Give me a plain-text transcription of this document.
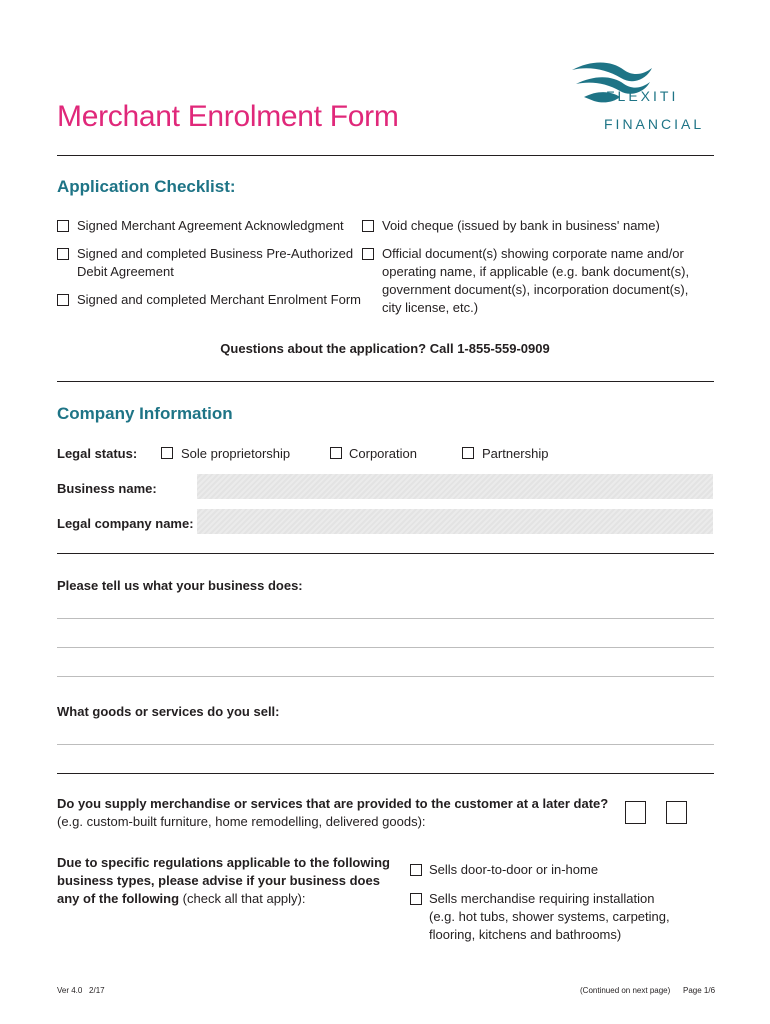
Merchant Enrolment Form
FLEXITI
FINANCIAL
Application Checklist:
Signed Merchant Agreement Acknowledgment
Signed and completed Business Pre-Authorized
Debit Agreement
Signed and completed Merchant Enrolment Form
Void cheque (issued by bank in business' name)
Official document(s) showing corporate name and/or
operating name, if applicable (e.g. bank document(s),
government document(s), incorporation document(s),
city license, etc.)
Questions about the application? Call 1-855-559-0909
Company Information
Legal status:	Sole proprietorship	Corporation	Partnership
Business name:
Legal company name:
Please tell us what your business does:
What goods or services do you sell:
Do you supply merchandise or services that are provided to the customer at a later date?
(e.g. custom-built furniture, home remodelling, delivered goods):
Due to specific regulations applicable to the following
business types, please advise if your business does
any of the following (check all that apply):
Sells door-to-door or in-home
Sells merchandise requiring installation
(e.g. hot tubs, shower systems, carpeting,
flooring, kitchens and bathrooms)
Ver 4.0   2/17	(Continued on next page) Page 1/6
